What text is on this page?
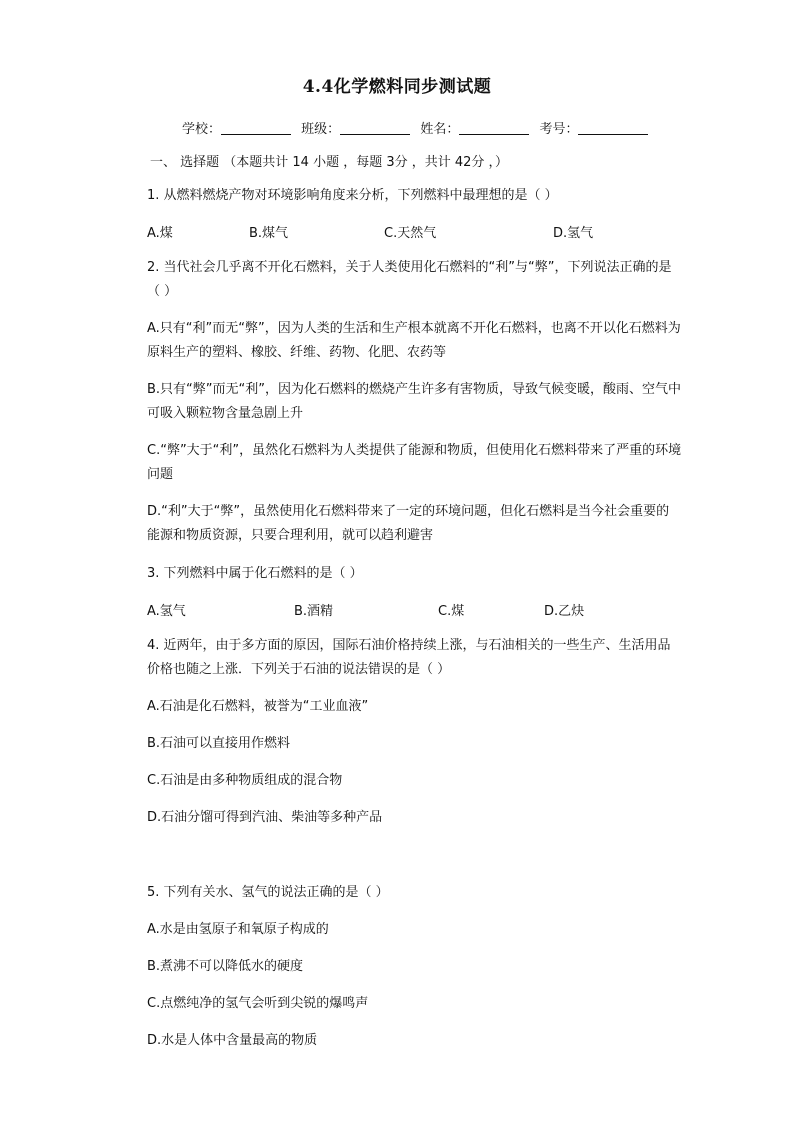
4.4化学燃料同步测试题
学校：	班级：	姓名：	考号：
一、 选择题 （本题共计 14 小题 ，每题 3分 ，共计 42分 ，）
1. 从燃料燃烧产物对环境影响角度来分析，下列燃料中最理想的是（ ）
A.煤	B.煤气	C.天然气	D.氢气
2. 当代社会几乎离不开化石燃料，关于人类使用化石燃料的“利”与“弊”，下列说法正确的是（ ）
A.只有“利”而无“弊”，因为人类的生活和生产根本就离不开化石燃料，也离不开以化石燃料为原料生产的塑料、橡胶、纤维、药物、化肥、农药等
B.只有“弊”而无“利”，因为化石燃料的燃烧产生许多有害物质，导致气候变暖，酸雨、空气中可吸入颗粒物含量急剧上升
C.“弊”大于“利”，虽然化石燃料为人类提供了能源和物质，但使用化石燃料带来了严重的环境问题
D.“利”大于“弊”，虽然使用化石燃料带来了一定的环境问题，但化石燃料是当今社会重要的能源和物质资源，只要合理利用，就可以趋利避害
3. 下列燃料中属于化石燃料的是（ ）
A.氢气	B.酒精	C.煤	D.乙炔
4. 近两年，由于多方面的原因，国际石油价格持续上涨，与石油相关的一些生产、生活用品价格也随之上涨．下列关于石油的说法错误的是（ ）
A.石油是化石燃料，被誉为“工业血液”
B.石油可以直接用作燃料
C.石油是由多种物质组成的混合物
D.石油分馏可得到汽油、柴油等多种产品
5. 下列有关水、氢气的说法正确的是（ ）
A.水是由氢原子和氧原子构成的
B.煮沸不可以降低水的硬度
C.点燃纯净的氢气会听到尖锐的爆鸣声
D.水是人体中含量最高的物质
